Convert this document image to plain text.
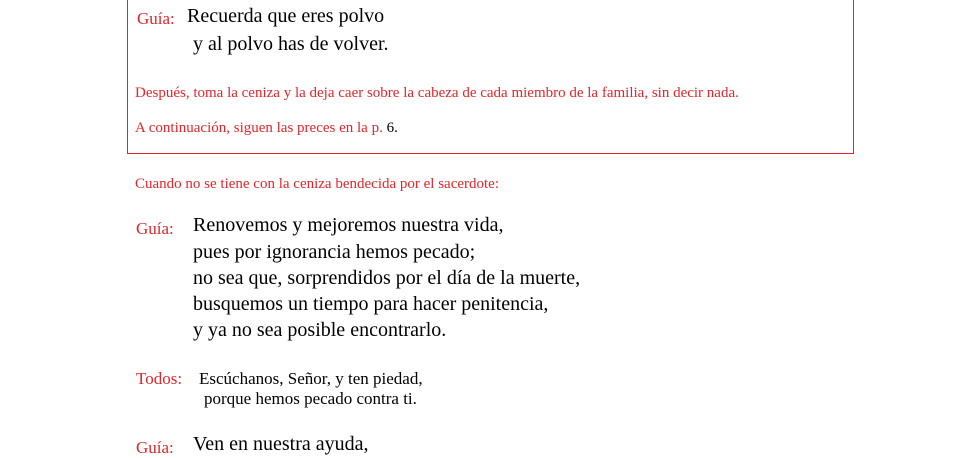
Guía: Recuerda que eres polvo
y al polvo has de volver.
Después, toma la ceniza y la deja caer sobre la cabeza de cada miembro de la familia, sin decir nada.
A continuación, siguen las preces en la p. 6.
Cuando no se tiene con la ceniza bendecida por el sacerdote:
Guía: Renovemos y mejoremos nuestra vida,
pues por ignorancia hemos pecado;
no sea que, sorprendidos por el día de la muerte,
busquemos un tiempo para hacer penitencia,
y ya no sea posible encontrarlo.
Todos: Escúchanos, Señor, y ten piedad,
porque hemos pecado contra ti.
Guía: Ven en nuestra ayuda,
